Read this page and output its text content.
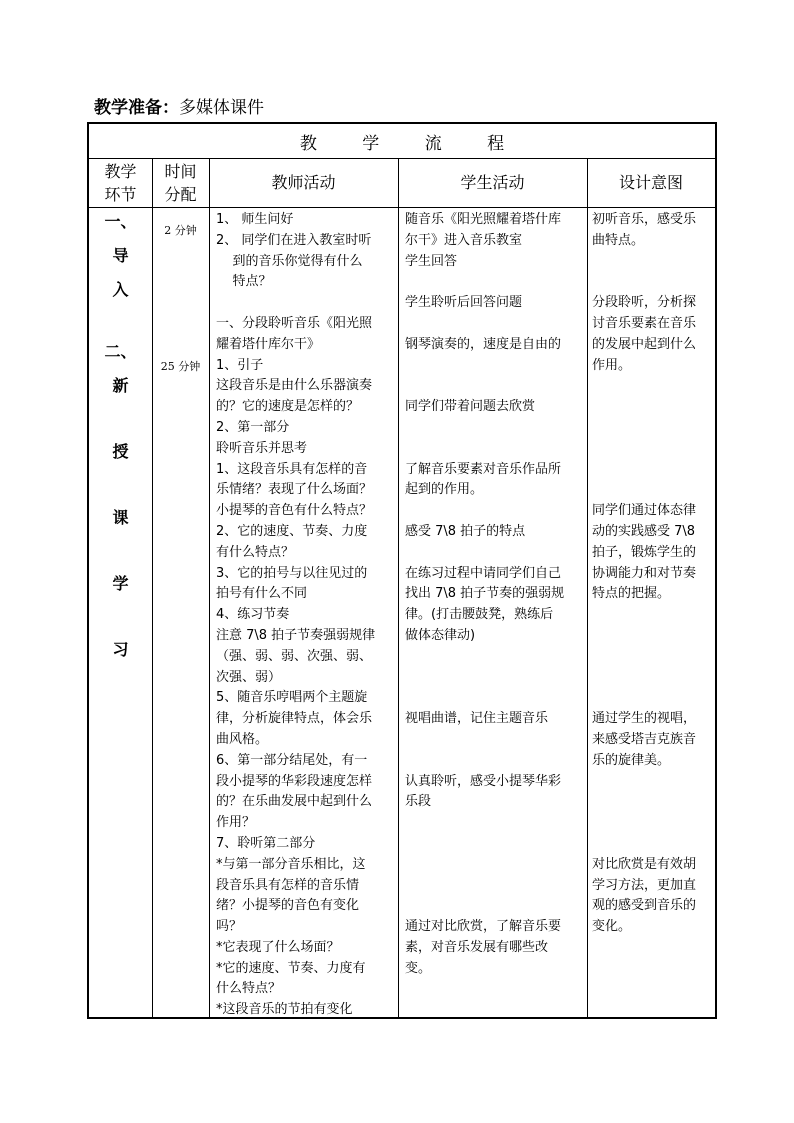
教学准备：多媒体课件
教 学 流 程
教学
环节
时间
分配
教师活动	学生活动	设计意图
一、
导
入
二、
新
授
课
学
习
2 分钟
25 分钟
1、 师生问好
2、 同学们在进入教室时听
到的音乐你觉得有什么
特点？
一、分段聆听音乐《阳光照
耀着塔什库尔干》
1、引子
这段音乐是由什么乐器演奏
的？它的速度是怎样的？
2、第一部分
聆听音乐并思考
1、这段音乐具有怎样的音
乐情绪？表现了什么场面？
小提琴的音色有什么特点？
2、它的速度、节奏、力度
有什么特点？
3、它的拍号与以往见过的
拍号有什么不同
4、练习节奏
注意 7\8 拍子节奏强弱规律
（强、弱、弱、次强、弱、
次强、弱）
5、随音乐哼唱两个主题旋
律，分析旋律特点，体会乐
曲风格。
6、第一部分结尾处，有一
段小提琴的华彩段速度怎样
的？在乐曲发展中起到什么
作用？
7、聆听第二部分
*与第一部分音乐相比，这
段音乐具有怎样的音乐情
绪？小提琴的音色有变化
吗？
*它表现了什么场面？
*它的速度、节奏、力度有
什么特点？
*这段音乐的节拍有变化
随音乐《阳光照耀着塔什库
尔干》进入音乐教室
学生回答
学生聆听后回答问题
钢琴演奏的，速度是自由的
同学们带着问题去欣赏
了解音乐要素对音乐作品所
起到的作用。
感受 7\8 拍子的特点
在练习过程中请同学们自己
找出 7\8 拍子节奏的强弱规
律。(打击腰鼓凳，熟练后
做体态律动)
视唱曲谱，记住主题音乐
认真聆听，感受小提琴华彩
乐段
通过对比欣赏，了解音乐要
素，对音乐发展有哪些改
变。
初听音乐，感受乐
曲特点。
分段聆听，分析探
讨音乐要素在音乐
的发展中起到什么
作用。
同学们通过体态律
动的实践感受 7\8
拍子，锻炼学生的
协调能力和对节奏
特点的把握。
通过学生的视唱，
来感受塔吉克族音
乐的旋律美。
对比欣赏是有效胡
学习方法，更加直
观的感受到音乐的
变化。
